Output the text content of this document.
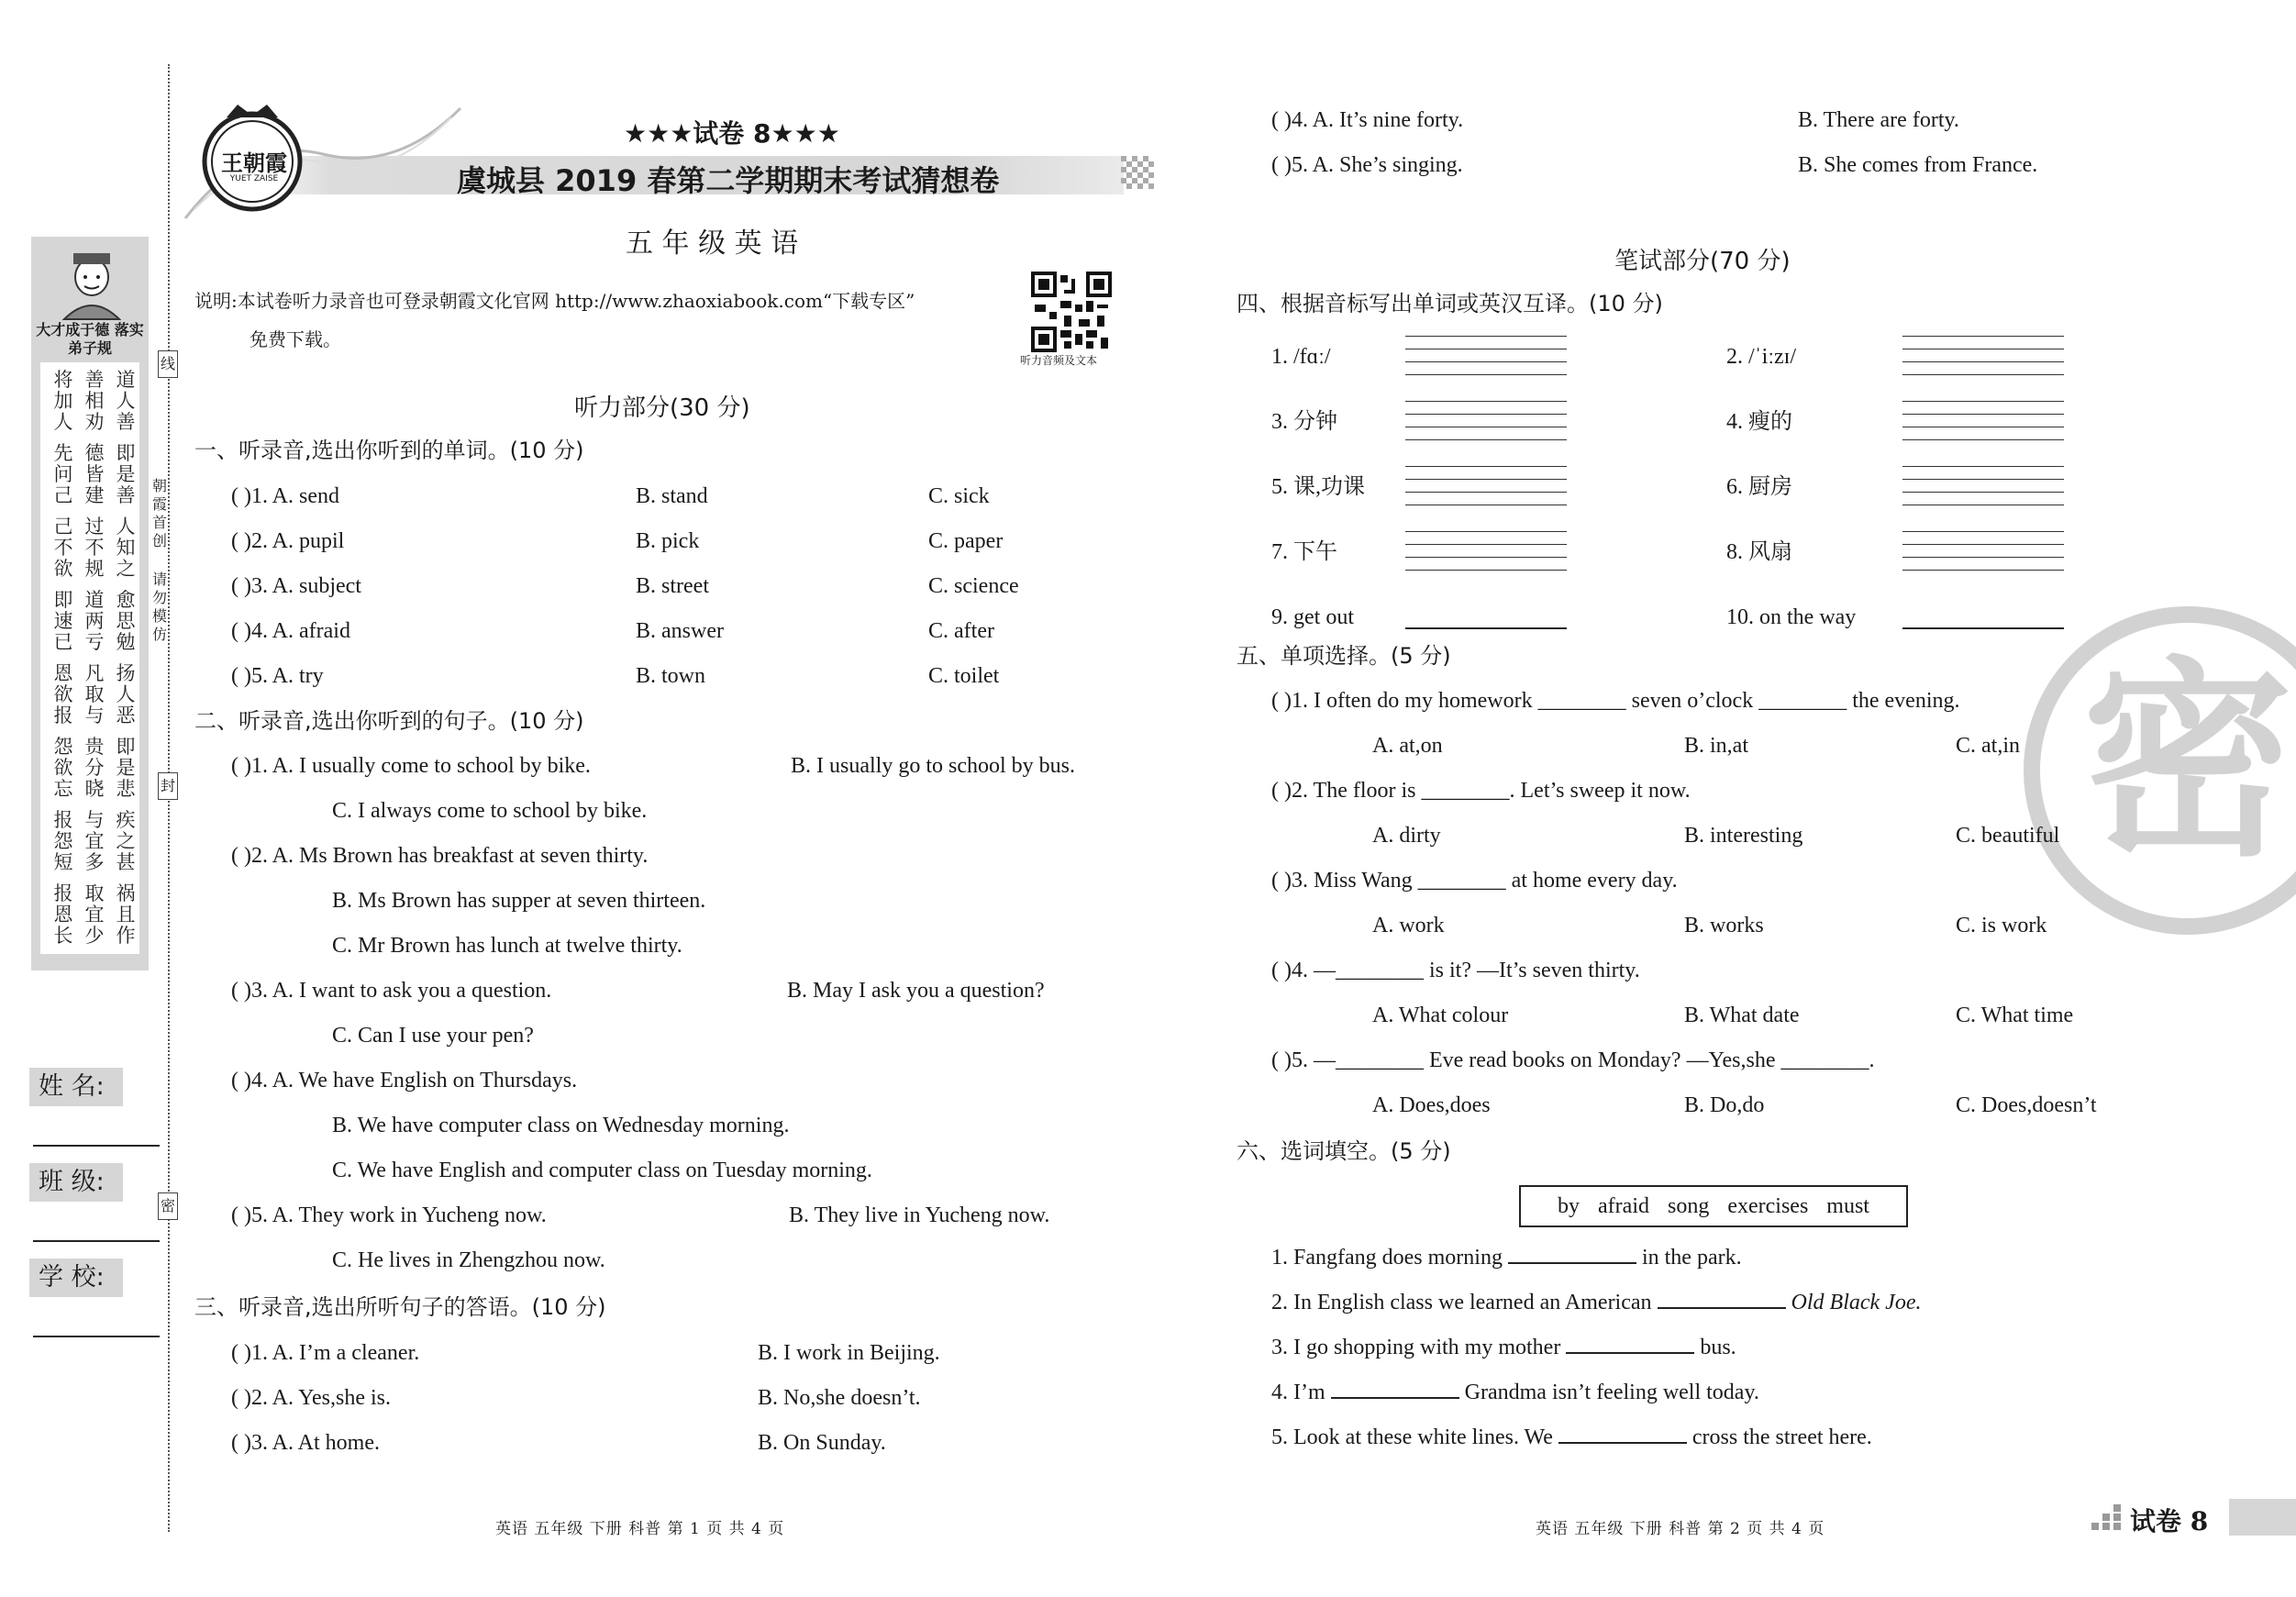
大才成于德 落实弟子规
线
朝霞首创
请勿模仿
封
密
姓 名:
班 级:
学 校:
王朝霞
YUET ZAISE
★★★试卷 8★★★
虞城县 2019 春第二学期期末考试猜想卷
五 年 级 英 语
说明:本试卷听力录音也可登录朝霞文化官网 http://www.zhaoxiabook.com“下载专区”
免费下载。
听力音频及文本
听力部分(30 分)
一、听录音,选出你听到的单词。(10 分)
二、听录音,选出你听到的句子。(10 分)
( )1. A. I usually come to school by bike.	B. I usually go to school by bus.
C. I always come to school by bike.
( )2. A. Ms Brown has breakfast at seven thirty.
B. Ms Brown has supper at seven thirteen.
C. Mr Brown has lunch at twelve thirty.
( )3. A. I want to ask you a question.	B. May I ask you a question?
C. Can I use your pen?
( )4. A. We have English on Thursdays.
B. We have computer class on Wednesday morning.
C. We have English and computer class on Tuesday morning.
( )5. A. They work in Yucheng now.	B. They live in Yucheng now.
C. He lives in Zhengzhou now.
三、听录音,选出所听句子的答语。(10 分)
笔试部分(70 分)
四、根据音标写出单词或英汉互译。(10 分)
五、单项选择。(5 分)
六、选词填空。(5 分)
by afraid song exercises must
1. Fangfang does morning	in the park.
2. In English class we learned an American	Old Black Joe.
3. I go shopping with my mother	bus.
4. I’m	Grandma isn’t feeling well today.
5. Look at these white lines. We	cross the street here.
密
英语 五年级 下册 科普 第 1 页 共 4 页	英语 五年级 下册 科普 第 2 页 共 4 页	试卷 8
将加人
善相劝
道人善
先问己
德皆建
即是善
己不欲
过不规
人知之
即速已
道两亏
愈思勉
恩欲报
凡取与
扬人恶
怨欲忘
贵分晓
即是悲
报怨短
与宜多
疾之甚
报恩长
取宜少
祸且作
( )1. A. send	B. stand	C. sick
( )2. A. pupil	B. pick	C. paper
( )3. A. subject	B. street	C. science
( )4. A. afraid	B. answer	C. after
( )5. A. try	B. town	C. toilet
( )1. A. I’m a cleaner.	B. I work in Beijing.
( )2. A. Yes,she is.	B. No,she doesn’t.
( )3. A. At home.	B. On Sunday.
( )4. A. It’s nine forty.	B. There are forty.
( )5. A. She’s singing.	B. She comes from France.
1. /fɑː/	2. /ˈiːzɪ/
3. 分钟	4. 瘦的
5. 课,功课	6. 厨房
7. 下午	8. 风扇
9. get out	10. on the way
( )1. I often do my homework ________ seven o’clock ________ the evening.
A. at,on	B. in,at	C. at,in
( )2. The floor is ________. Let’s sweep it now.
A. dirty	B. interesting	C. beautiful
( )3. Miss Wang ________ at home every day.
A. work	B. works	C. is work
( )4. —________ is it? —It’s seven thirty.
A. What colour	B. What date	C. What time
( )5. —________ Eve read books on Monday? —Yes,she ________.
A. Does,does	B. Do,do	C. Does,doesn’t
